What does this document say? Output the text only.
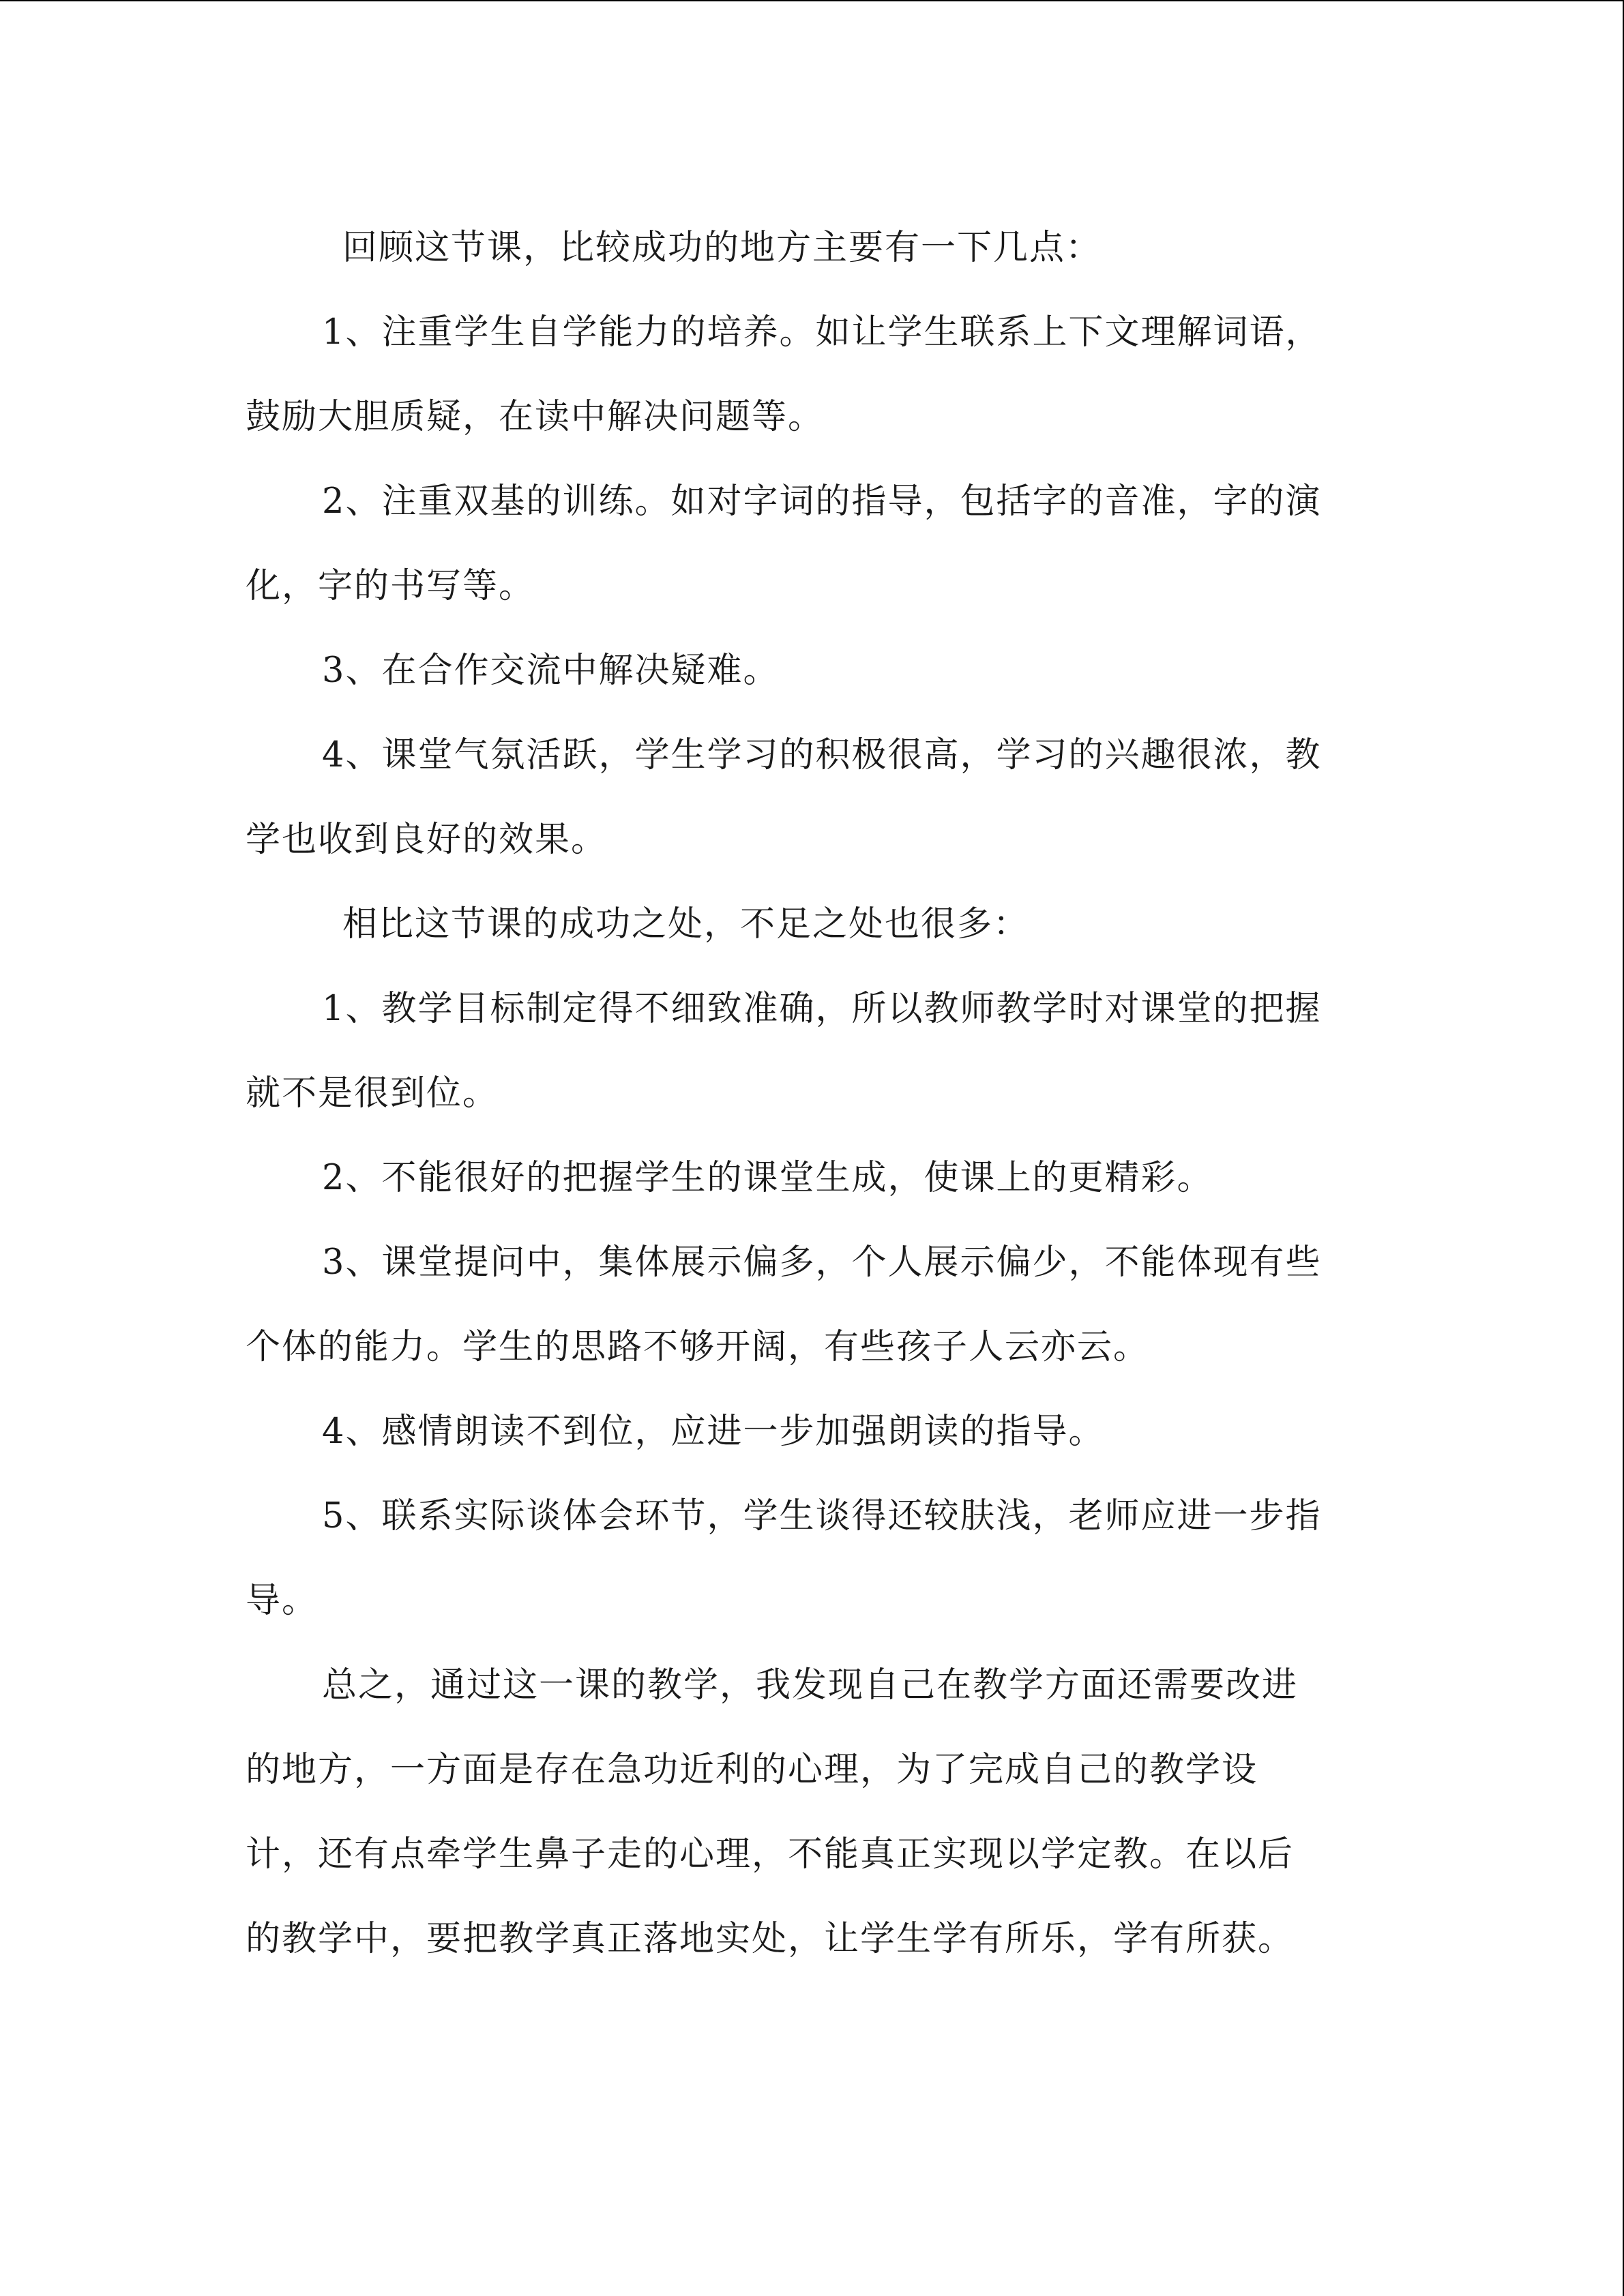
回顾这节课，比较成功的地方主要有一下几点：

1、注重学生自学能力的培养。如让学生联系上下文理解词语，

鼓励大胆质疑，在读中解决问题等。

2、注重双基的训练。如对字词的指导，包括字的音准，字的演

化，字的书写等。

3、在合作交流中解决疑难。

4、课堂气氛活跃，学生学习的积极很高，学习的兴趣很浓，教

学也收到良好的效果。

相比这节课的成功之处，不足之处也很多：

1、教学目标制定得不细致准确，所以教师教学时对课堂的把握

就不是很到位。

2、不能很好的把握学生的课堂生成，使课上的更精彩。

3、课堂提问中，集体展示偏多，个人展示偏少，不能体现有些

个体的能力。学生的思路不够开阔，有些孩子人云亦云。

4、感情朗读不到位，应进一步加强朗读的指导。

5、联系实际谈体会环节，学生谈得还较肤浅，老师应进一步指

导。

总之，通过这一课的教学，我发现自己在教学方面还需要改进

的地方，一方面是存在急功近利的心理，为了完成自己的教学设

计，还有点牵学生鼻子走的心理，不能真正实现以学定教。在以后

的教学中，要把教学真正落地实处，让学生学有所乐，学有所获。
